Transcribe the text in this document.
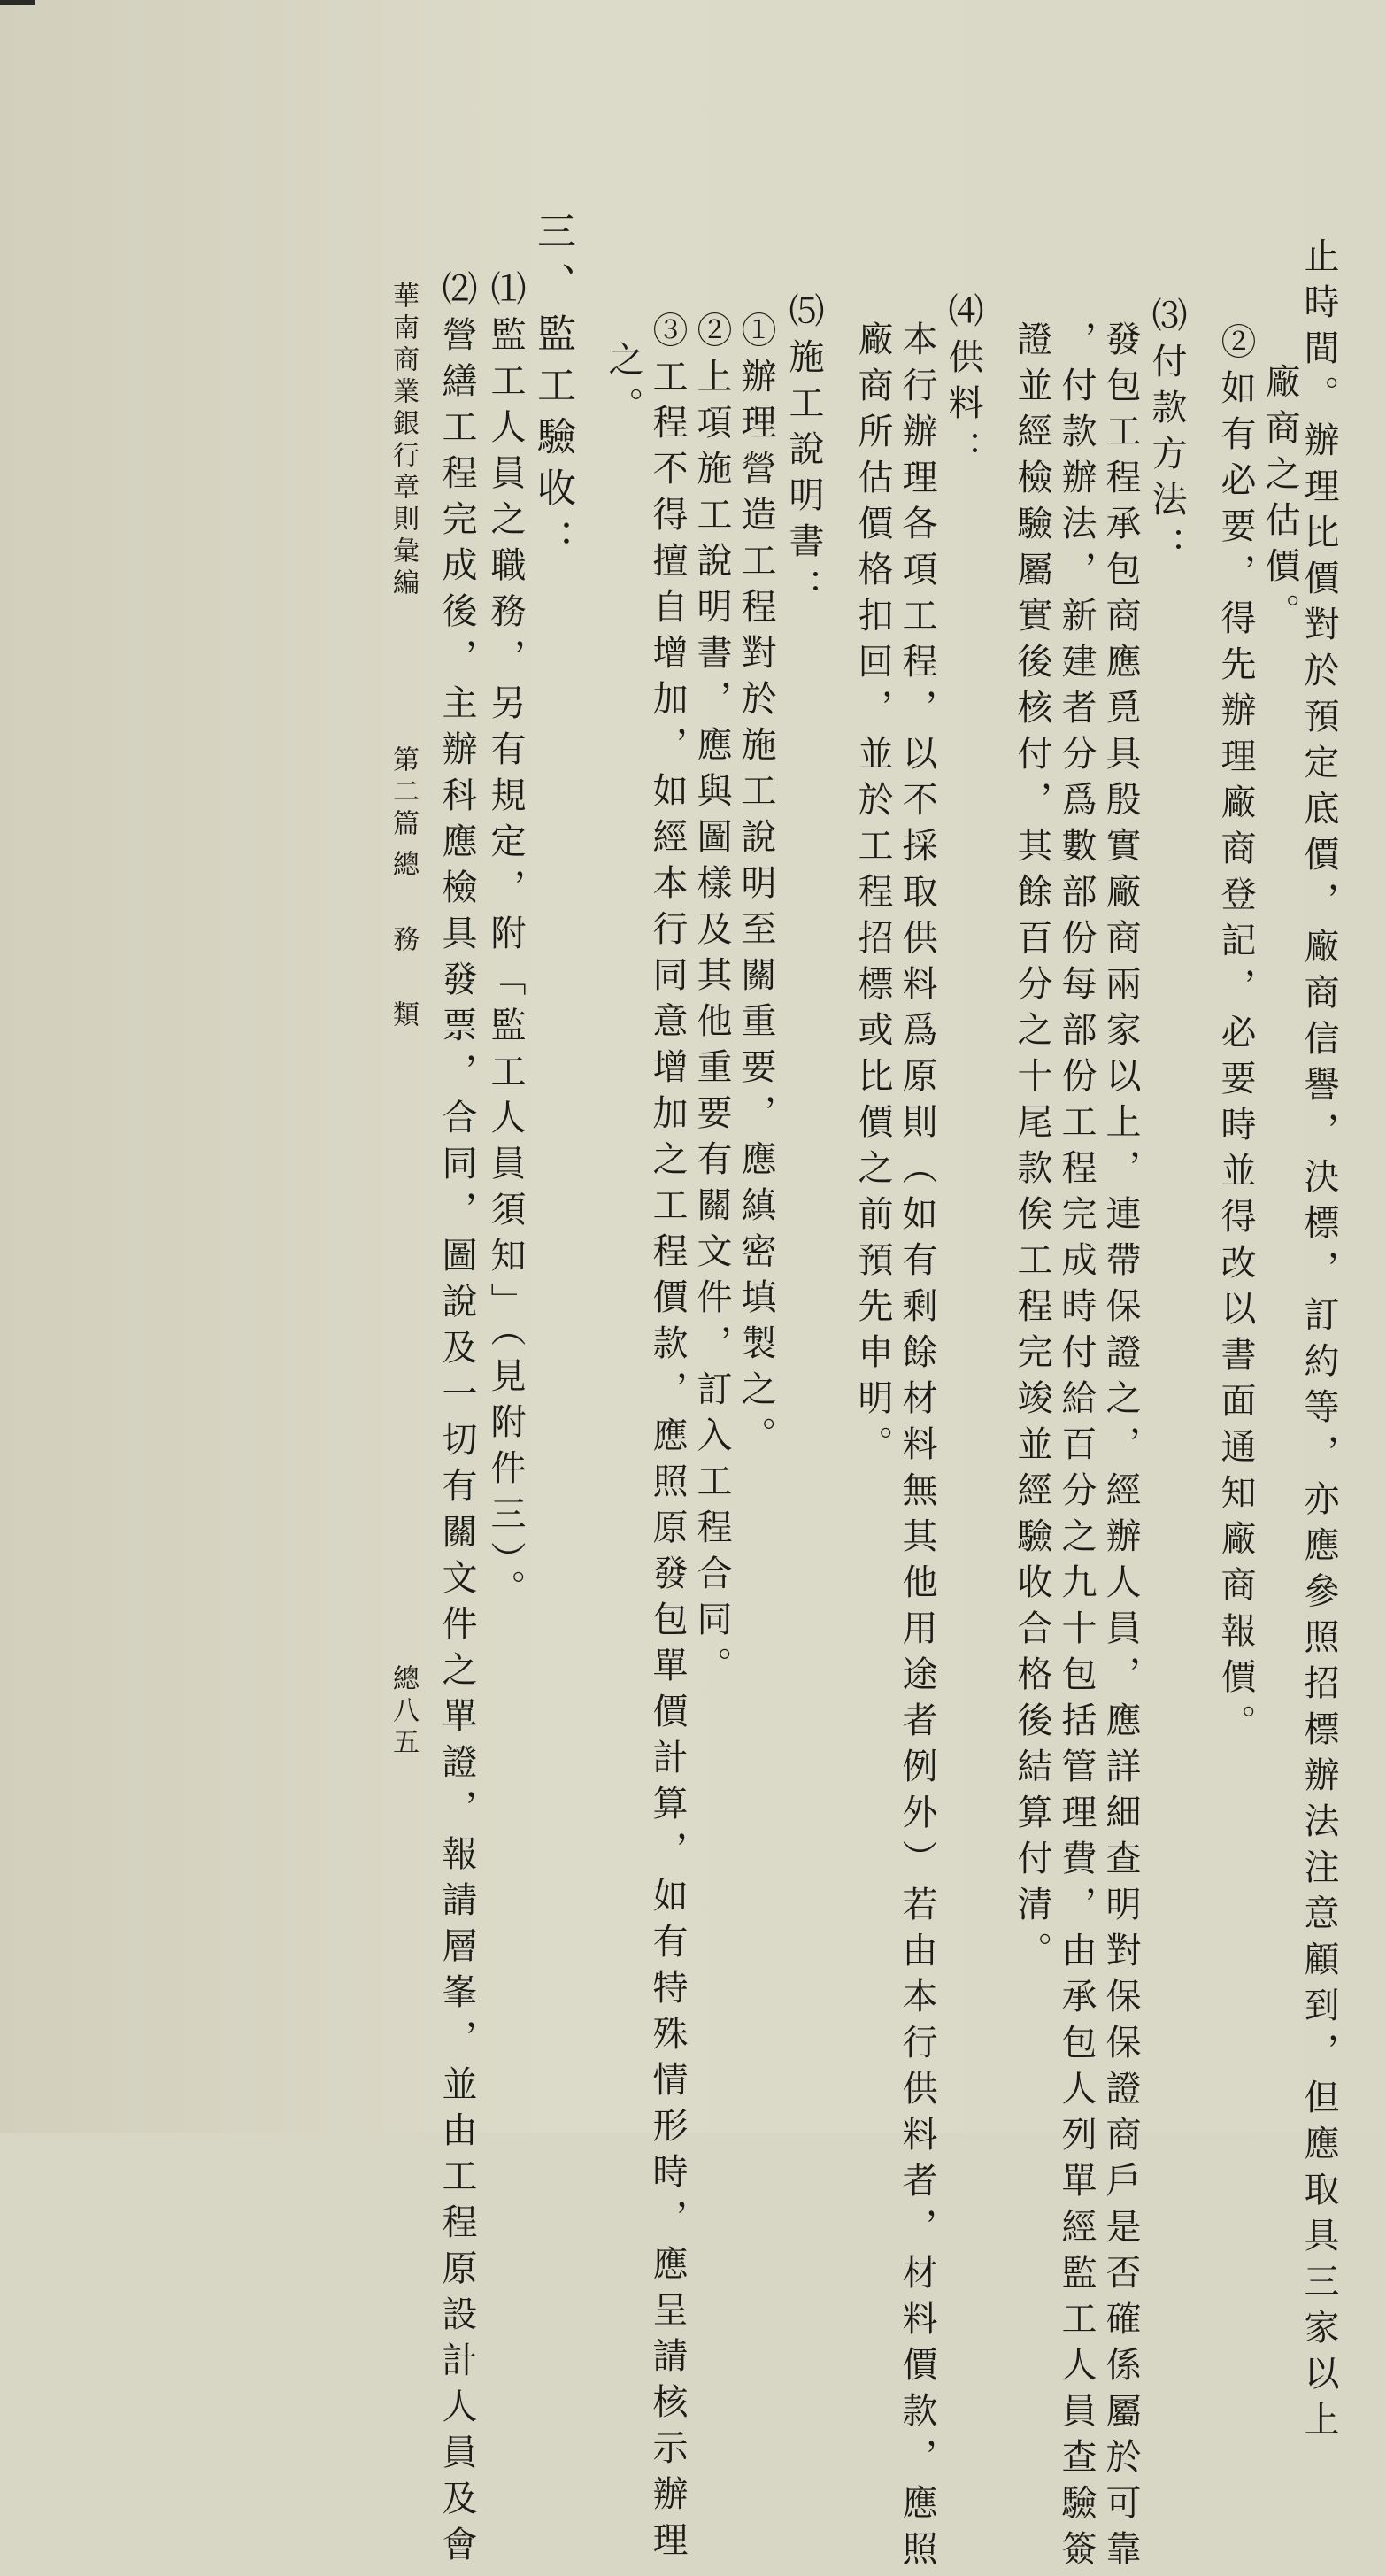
止時間。辦理比價對於預定底價，廠商信譽，決標，訂約等，亦應參照招標辦法注意顧到，但應取具三家以上
廠商之估價。
②如有必要，得先辦理廠商登記，必要時並得改以書面通知廠商報價。
⑶付款方法：
發包工程承包商應覓具殷實廠商兩家以上，連帶保證之，經辦人員，應詳細查明對保保證商戶是否確係屬於可靠
，付款辦法，新建者分爲數部份每部份工程完成時付給百分之九十包括管理費，由承包人列單經監工人員查驗簽
證並經檢驗屬實後核付，其餘百分之十尾款俟工程完竣並經驗收合格後結算付清。
⑷供料：
本行辦理各項工程，以不採取供料爲原則（如有剩餘材料無其他用途者例外）若由本行供料者，材料價款，應照
廠商所估價格扣回，並於工程招標或比價之前預先申明。
⑸施工說明書：
①辦理營造工程對於施工說明至關重要，應縝密填製之。
②上項施工說明書，應與圖樣及其他重要有關文件，訂入工程合同。
③工程不得擅自增加，如經本行同意增加之工程價款，應照原發包單價計算，如有特殊情形時，應呈請核示辦理
之。
三、監工驗收：
⑴監工人員之職務，另有規定，附「監工人員須知」（見附件三）。
⑵營繕工程完成後，主辦科應檢具發票，合同，圖說及一切有關文件之單證，報請層峯，並由工程原設計人員及會
華南商業銀行章則彙編
第二篇
總
務
類
總八五
